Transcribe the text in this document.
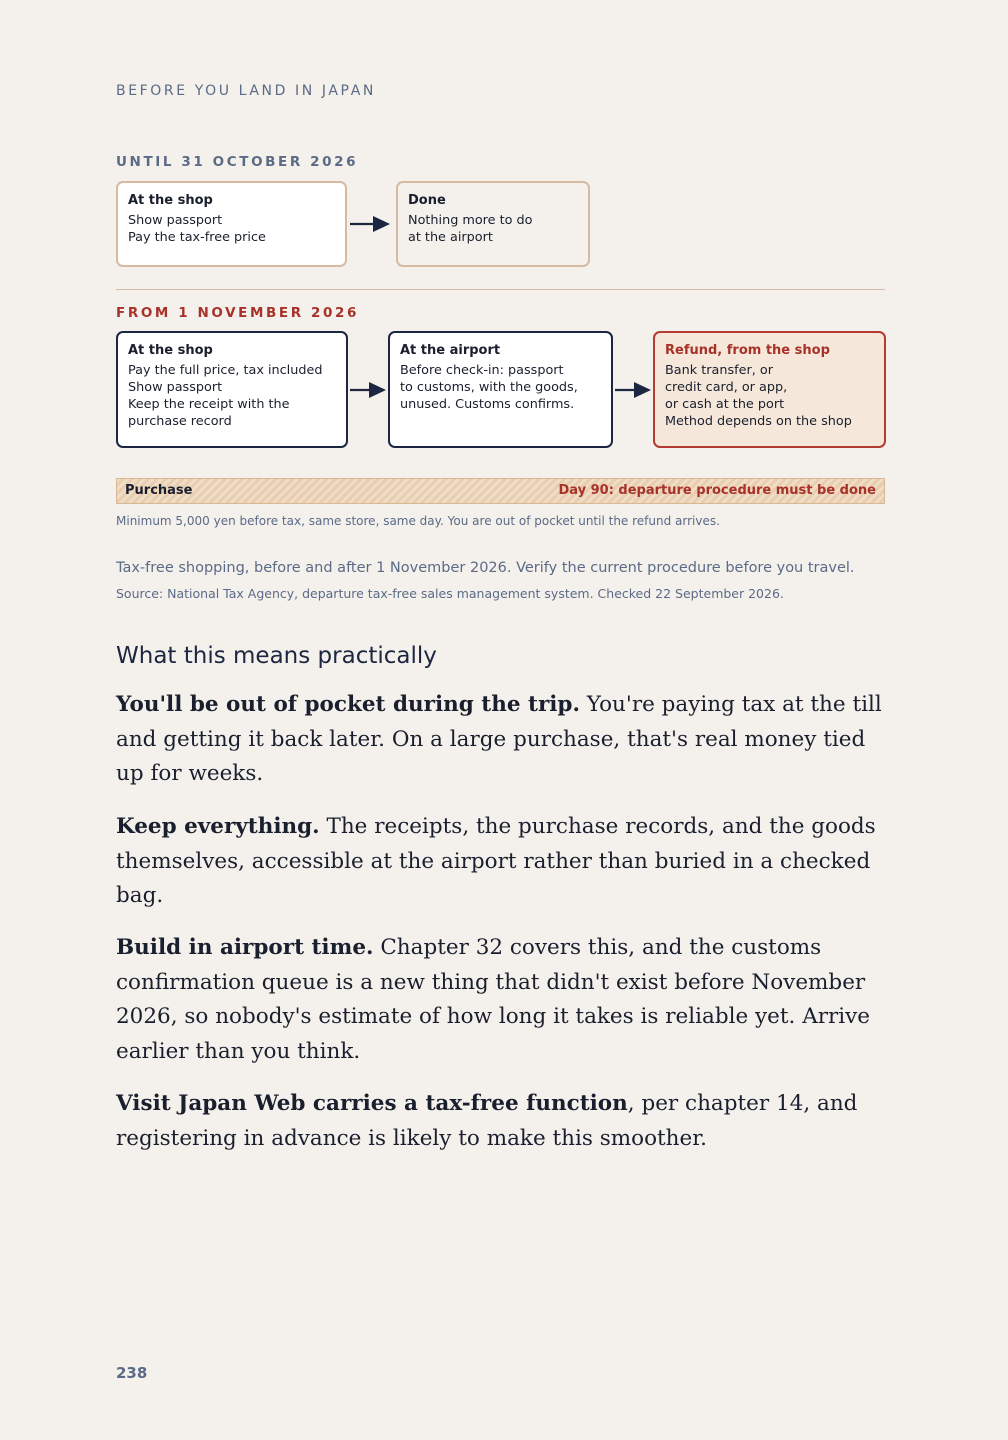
BEFORE YOU LAND IN JAPAN
UNTIL 31 OCTOBER 2026
At the shop
Show passport
Pay the tax-free price
Done
Nothing more to do
at the airport
FROM 1 NOVEMBER 2026
At the shop
Pay the full price, tax included
Show passport
Keep the receipt with the
purchase record
At the airport
Before check-in: passport
to customs, with the goods,
unused. Customs confirms.
Refund, from the shop
Bank transfer, or
credit card, or app,
or cash at the port
Method depends on the shop
Purchase	Day 90: departure procedure must be done
Minimum 5,000 yen before tax, same store, same day. You are out of pocket until the refund arrives.
Tax-free shopping, before and after 1 November 2026. Verify the current procedure before you travel.
Source: National Tax Agency, departure tax-free sales management system. Checked 22 September 2026.
What this means practically

You'll be out of pocket during the trip. You're paying tax at the till and getting it back later. On a large purchase, that's real money tied up for weeks.

Keep everything. The receipts, the purchase records, and the goods themselves, accessible at the airport rather than buried in a checked bag.

Build in airport time. Chapter 32 covers this, and the customs confirmation queue is a new thing that didn't exist before November 2026, so nobody's estimate of how long it takes is reliable yet. Arrive earlier than you think.

Visit Japan Web carries a tax-free function, per chapter 14, and registering in advance is likely to make this smoother.

238
